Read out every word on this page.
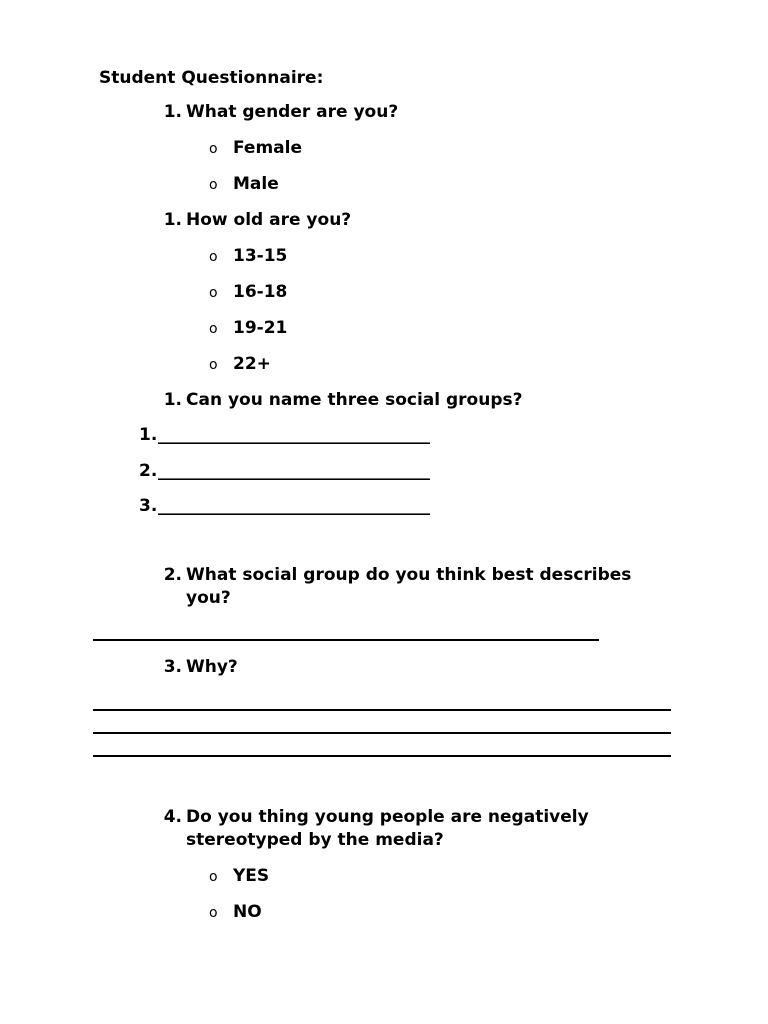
Student Questionnaire:
1. What gender are you?
o Female
o Male
1. How old are you?
o 13-15
o 16-18
o 19-21
o 22+
1. Can you name three social groups?
1. ________________________________
2. ________________________________
3. ________________________________
2. What social group do you think best describes
you?
3. Why?
4. Do you thing young people are negatively
stereotyped by the media?
o YES
o NO
